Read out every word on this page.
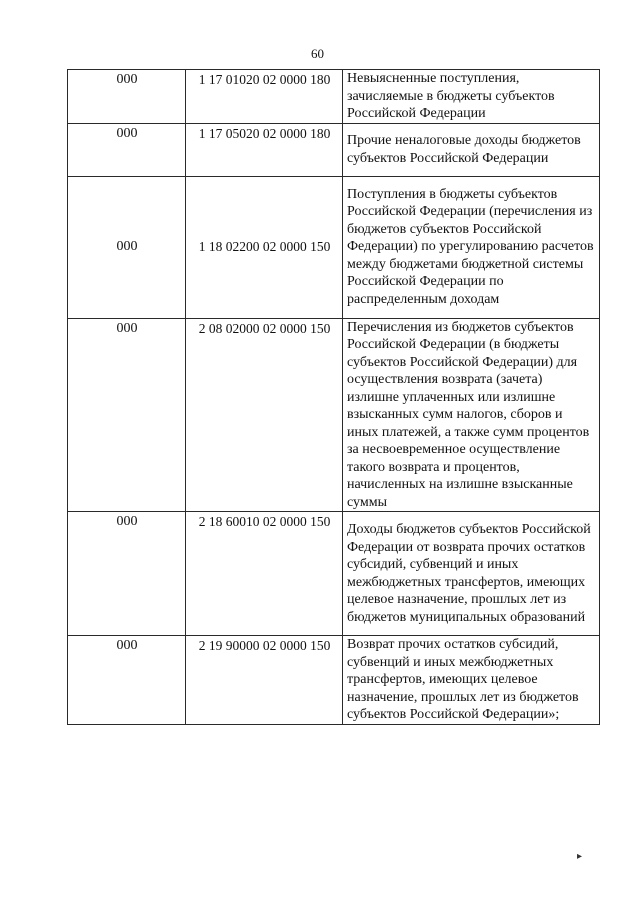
60
000	1 17 01020 02 0000 180	Невыясненные поступления, зачисляемые в бюджеты субъектов Российской Федерации
000	1 17 05020 02 0000 180	Прочие неналоговые доходы бюджетов субъектов Российской Федерации
000	1 18 02200 02 0000 150	Поступления в бюджеты субъектов Российской Федерации (перечисления из бюджетов субъектов Российской Федерации) по урегулированию расчетов между бюджетами бюджетной системы Российской Федерации по распределенным доходам
000	2 08 02000 02 0000 150	Перечисления из бюджетов субъектов Российской Федерации (в бюджеты субъектов Российской Федерации) для осуществления возврата (зачета) излишне уплаченных или излишне взысканных сумм налогов, сборов и иных платежей, а также сумм процентов за несвоевременное осуществление такого возврата и процентов, начисленных на излишне взысканные суммы
000	2 18 60010 02 0000 150	Доходы бюджетов субъектов Российской Федерации от возврата прочих остатков субсидий, субвенций и иных межбюджетных трансфертов, имеющих целевое назначение, прошлых лет из бюджетов муниципальных образований
000	2 19 90000 02 0000 150	Возврат прочих остатков субсидий, субвенций и иных межбюджетных трансфертов, имеющих целевое назначение, прошлых лет из бюджетов субъектов Российской Федерации»;
▸
